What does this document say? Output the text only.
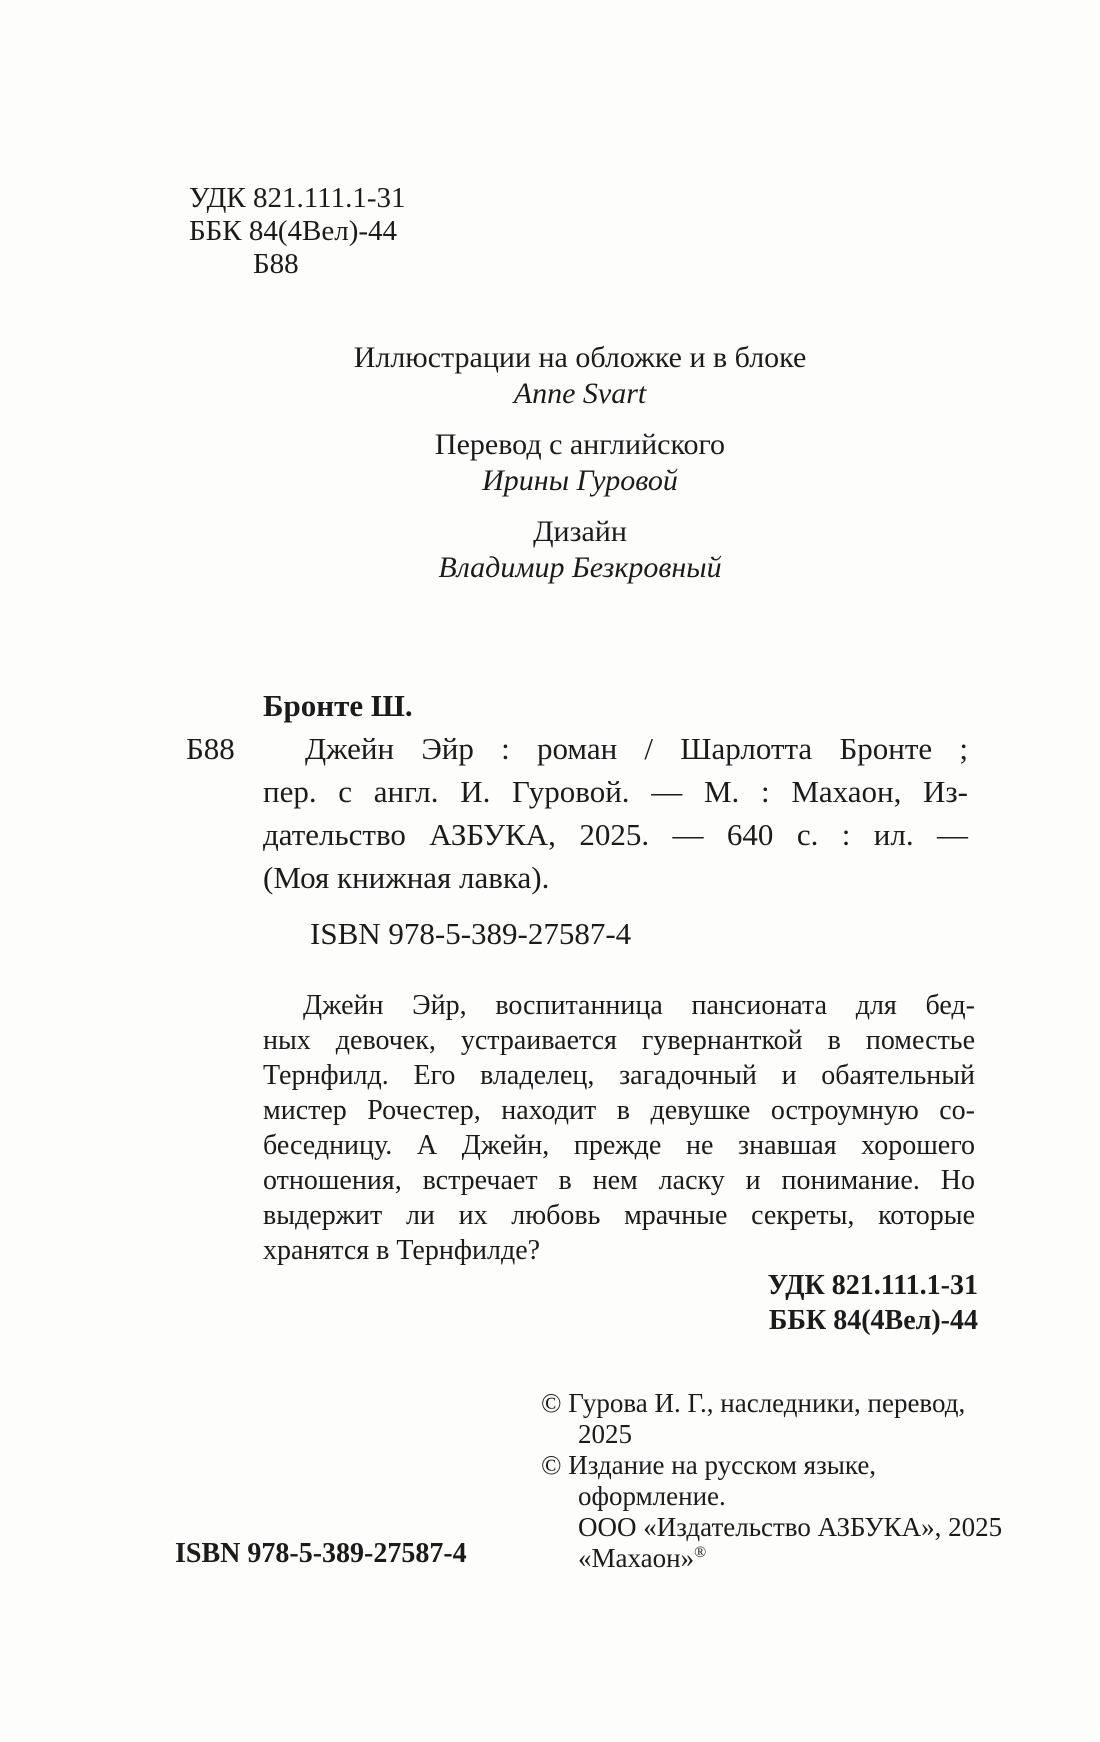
УДК 821.111.1-31
ББК 84(4Вел)-44
Б88
Иллюстрации на обложке и в блоке
Anne Svart
Перевод с английского
Ирины Гуровой
Дизайн
Владимир Безкровный
Бронте Ш.
Б88	Джейн Эйр : роман / Шарлотта Бронте ;
пер. с англ. И. Гуровой. — М. : Махаон, Из-
дательство АЗБУКА, 2025. — 640 с. : ил. —
(Моя книжная лавка).
ISBN 978-5-389-27587-4
Джейн Эйр, воспитанница пансионата для бед-
ных девочек, устраивается гувернанткой в поместье
Тернфилд. Его владелец, загадочный и обаятельный
мистер Рочестер, находит в девушке остроумную со-
беседницу. А Джейн, прежде не знавшая хорошего
отношения, встречает в нем ласку и понимание. Но
выдержит ли их любовь мрачные секреты, которые
хранятся в Тернфилде?
УДК 821.111.1-31
ББК 84(4Вел)-44
© Гурова И. Г., наследники, перевод,
2025
© Издание на русском языке,
оформление.
ООО «Издательство АЗБУКА», 2025
«Махаон»®
ISBN 978-5-389-27587-4
